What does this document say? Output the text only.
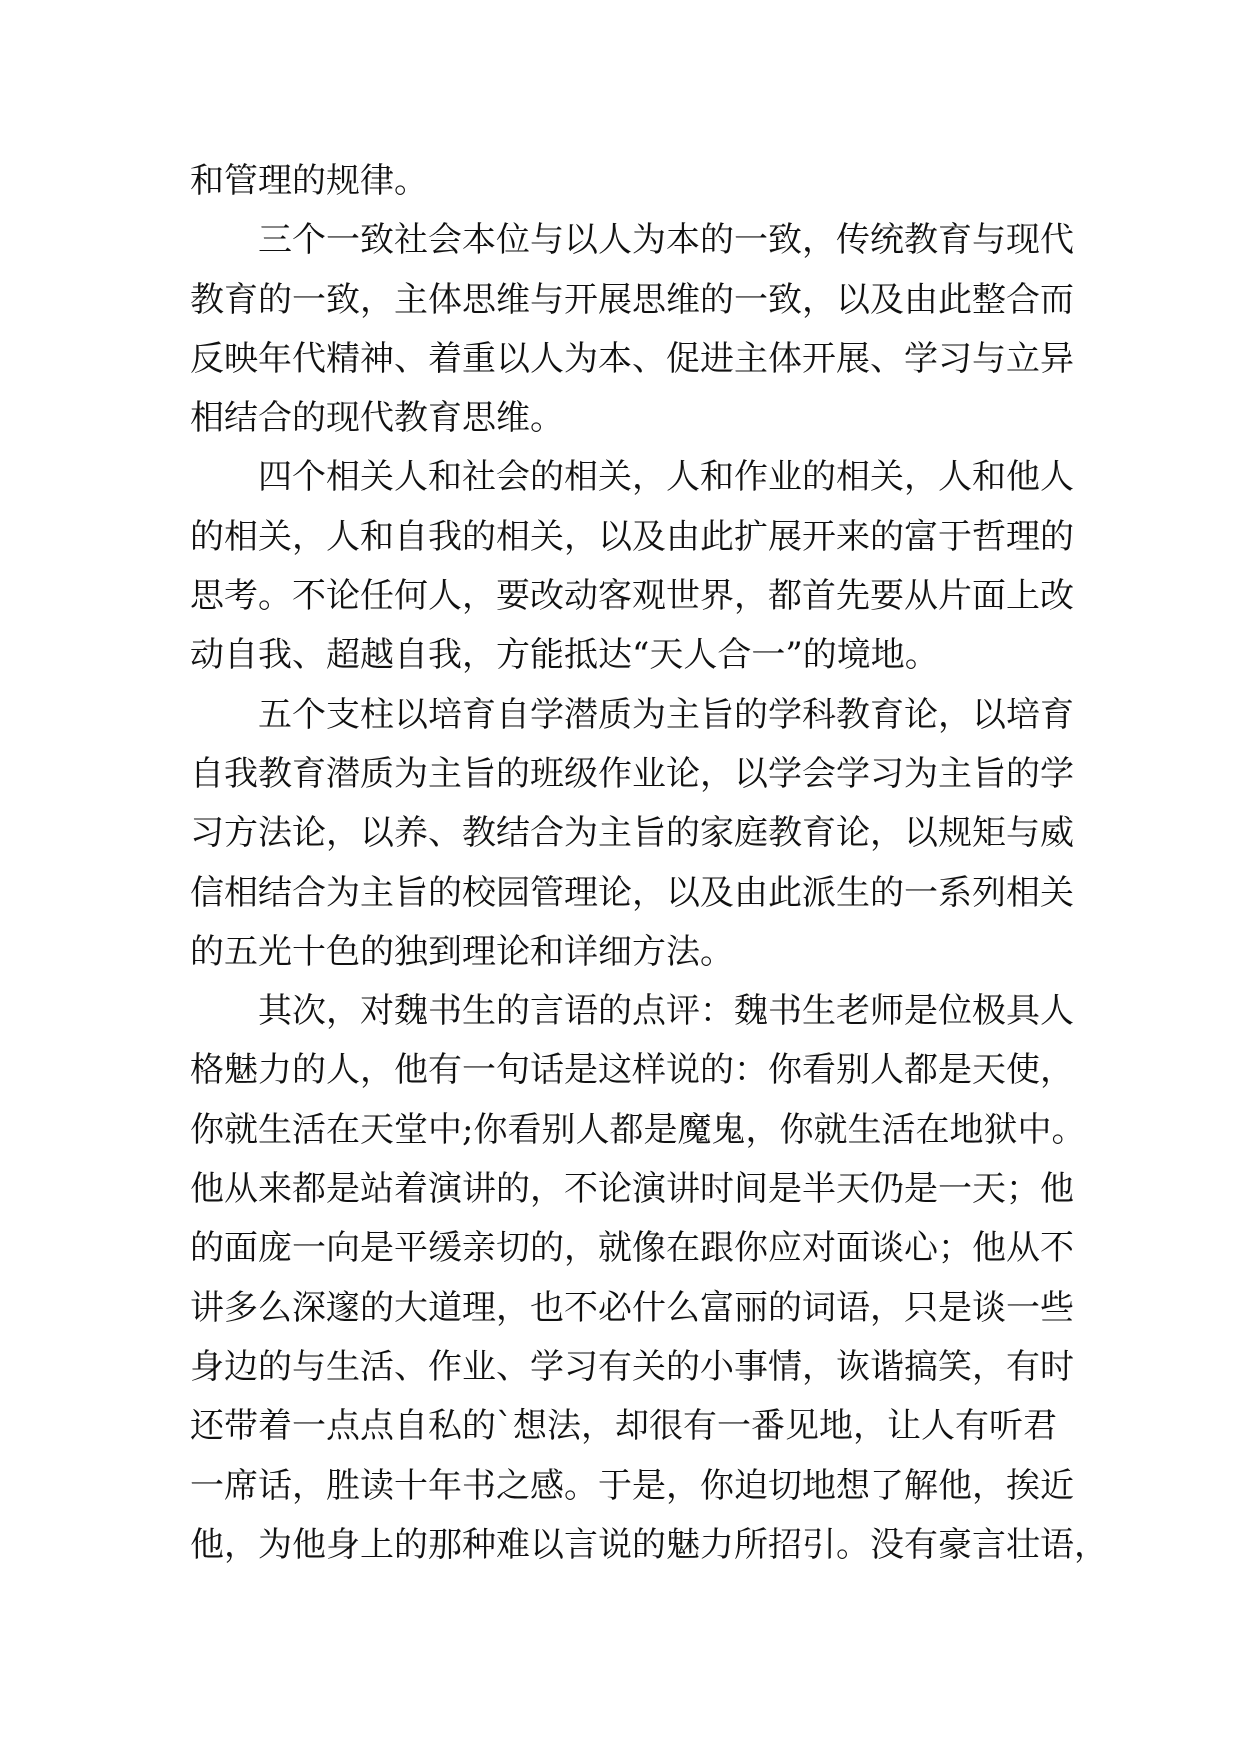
和管理的规律。
三个一致社会本位与以人为本的一致，传统教育与现代
教育的一致，主体思维与开展思维的一致，以及由此整合而
反映年代精神、着重以人为本、促进主体开展、学习与立异
相结合的现代教育思维。
四个相关人和社会的相关，人和作业的相关，人和他人
的相关，人和自我的相关，以及由此扩展开来的富于哲理的
思考。不论任何人，要改动客观世界，都首先要从片面上改
动自我、超越自我，方能抵达“天人合一”的境地。
五个支柱以培育自学潜质为主旨的学科教育论，以培育
自我教育潜质为主旨的班级作业论，以学会学习为主旨的学
习方法论，以养、教结合为主旨的家庭教育论，以规矩与威
信相结合为主旨的校园管理论，以及由此派生的一系列相关
的五光十色的独到理论和详细方法。
其次，对魏书生的言语的点评：魏书生老师是位极具人
格魅力的人，他有一句话是这样说的：你看别人都是天使，
你就生活在天堂中;你看别人都是魔鬼，你就生活在地狱中。
他从来都是站着演讲的，不论演讲时间是半天仍是一天；他
的面庞一向是平缓亲切的，就像在跟你应对面谈心；他从不
讲多么深邃的大道理，也不必什么富丽的词语，只是谈一些
身边的与生活、作业、学习有关的小事情，诙谐搞笑，有时
还带着一点点自私的`想法，却很有一番见地，让人有听君
一席话，胜读十年书之感。于是，你迫切地想了解他，挨近
他，为他身上的那种难以言说的魅力所招引。没有豪言壮语，
